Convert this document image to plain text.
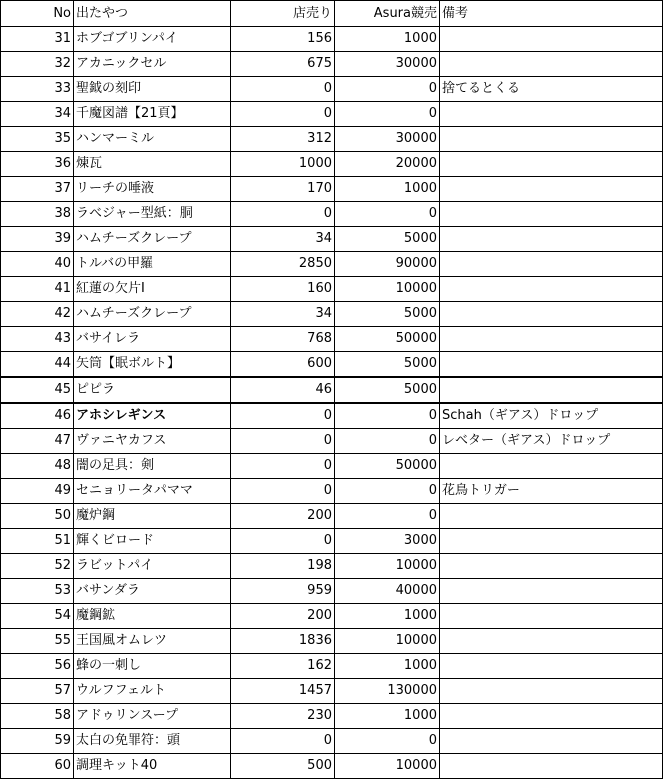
No	出たやつ	店売り	Asura競売	備考
31	ホブゴブリンパイ	156	1000	
32	アカニックセル	675	30000	
33	聖鉞の刻印	0	0	捨てるとくる
34	千魔図譜【21頁】	0	0	
35	ハンマーミル	312	30000	
36	煉瓦	1000	20000	
37	リーチの唾液	170	1000	
38	ラベジャー型紙：胴	0	0	
39	ハムチーズクレープ	34	5000	
40	トルバの甲羅	2850	90000	
41	紅蓮の欠片I	160	10000	
42	ハムチーズクレープ	34	5000	
43	バサイレラ	768	50000	
44	矢筒【眠ボルト】	600	5000	
45	ピピラ	46	5000	
46	アホシレギンス	0	0	Schah（ギアス）ドロップ
47	ヴァニヤカフス	0	0	レベター（ギアス）ドロップ
48	闇の足具：剣	0	50000	
49	セニョリータパママ	0	0	花鳥トリガー
50	魔炉鋼	200	0	
51	輝くビロード	0	3000	
52	ラビットパイ	198	10000	
53	バサンダラ	959	40000	
54	魔鋼鉱	200	1000	
55	王国風オムレツ	1836	10000	
56	蜂の一刺し	162	1000	
57	ウルフフェルト	1457	130000	
58	アドゥリンスープ	230	1000	
59	太白の免罪符：頭	0	0	
60	調理キット40	500	10000	
